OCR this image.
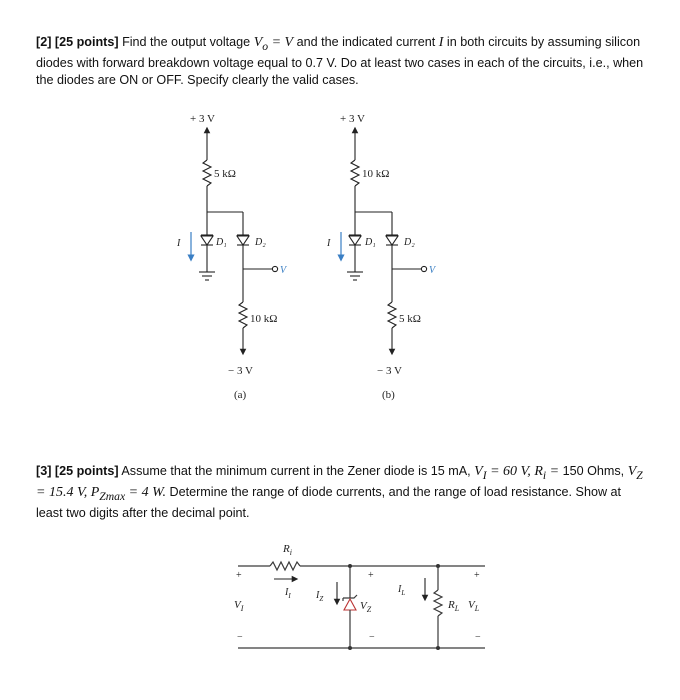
[2] [25 points] Find the output voltage $V_o = V$ and the indicated current I in both circuits by assuming silicon diodes with forward breakdown voltage equal to 0.7 V. Do at least two cases in each of the circuits, i.e., when the diodes are ON or OFF. Specify clearly the valid cases.
[3] [25 points] Assume that the minimum current in the Zener diode is 15 mA, $V_I = 60$ V, $R_i = 150$ Ohms, $V_Z = 15.4$ V, $P_{Zmax} = 4$ W. Determine the range of diode currents, and the range of load resistance. Show at least two digits after the decimal point.
+ 3 V
5 kΩ
D₁	D₂
I
V
10 kΩ
− 3 V
(a)
+ 3 V
10 kΩ
D₁	D₂
I
V
5 kΩ
− 3 V
(b)
$R_i$
+
$V_I$
−
$I_I$	$I_Z$
+
$V_Z$
−
$I_L$
$R_L$
+
$V_L$
−
